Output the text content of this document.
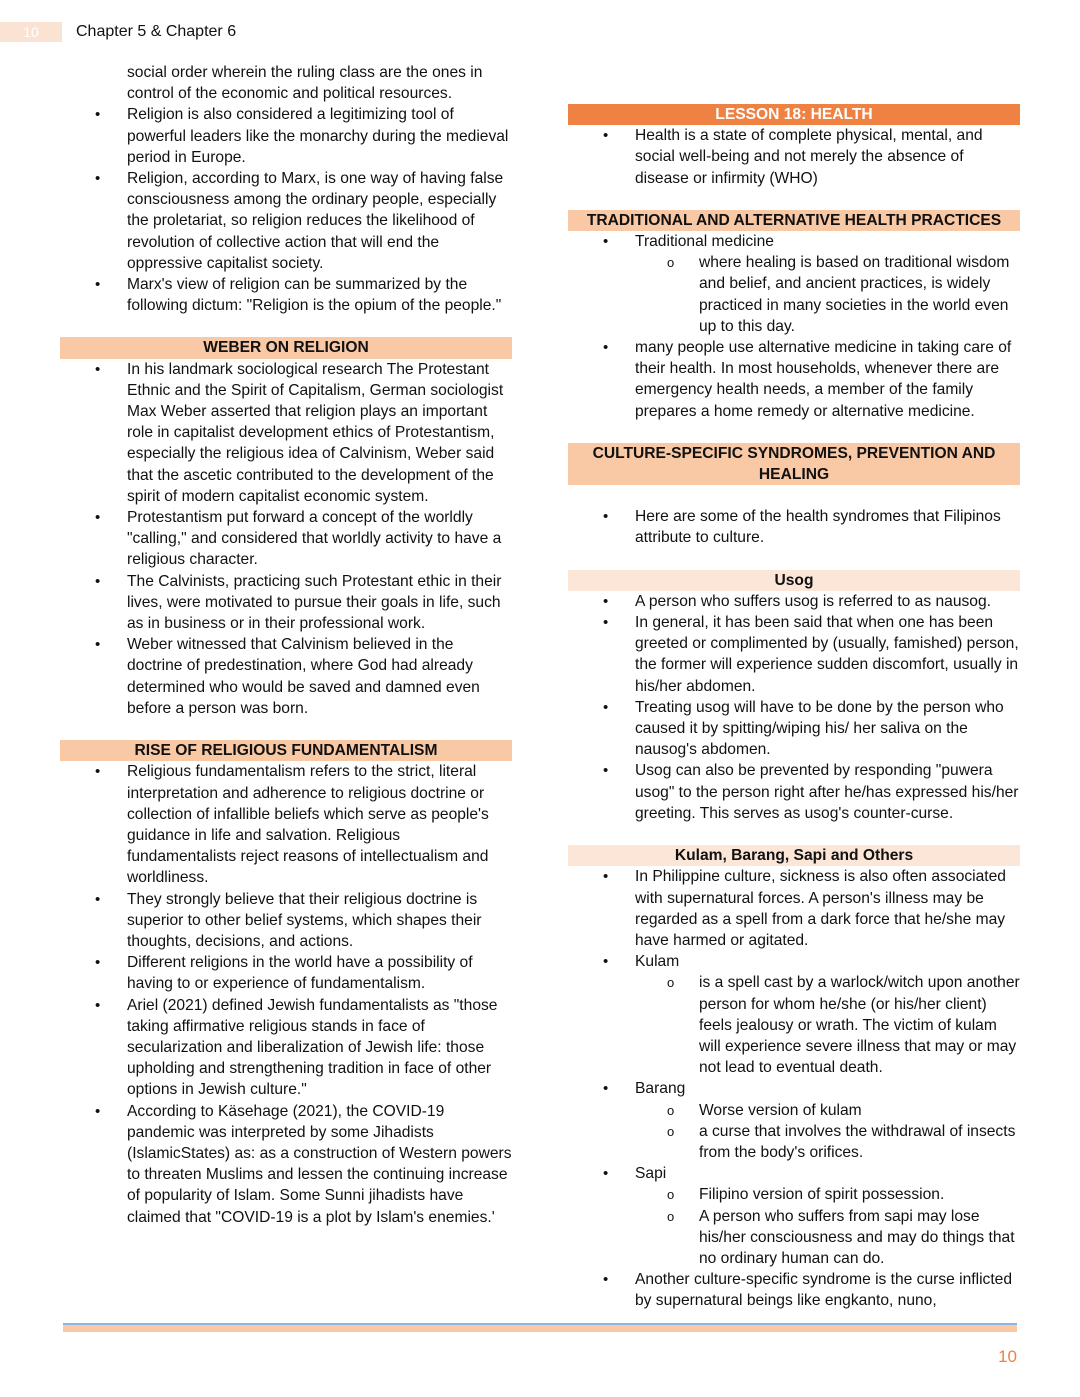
10	Chapter 5 & Chapter 6

social order wherein the ruling class are the ones in control of the economic and political resources.

• Religion is also considered a legitimizing tool of powerful leaders like the monarchy during the medieval period in Europe.
• Religion, according to Marx, is one way of having false consciousness among the ordinary people, especially the proletariat, so religion reduces the likelihood of revolution of collective action that will end the oppressive capitalist society.
• Marx's view of religion can be summarized by the following dictum: "Religion is the opium of the people."
WEBER ON RELIGION
• In his landmark sociological research The Protestant Ethnic and the Spirit of Capitalism, German sociologist Max Weber asserted that religion plays an important role in capitalist development ethics of Protestantism, especially the religious idea of Calvinism, Weber said that the ascetic contributed to the development of the spirit of modern capitalist economic system.
• Protestantism put forward a concept of the worldly "calling," and considered that worldly activity to have a religious character.
• The Calvinists, practicing such Protestant ethic in their lives, were motivated to pursue their goals in life, such as in business or in their professional work.
• Weber witnessed that Calvinism believed in the doctrine of predestination, where God had already determined who would be saved and damned even before a person was born.
RISE OF RELIGIOUS FUNDAMENTALISM
• Religious fundamentalism refers to the strict, literal interpretation and adherence to religious doctrine or collection of infallible beliefs which serve as people's guidance in life and salvation. Religious fundamentalists reject reasons of intellectualism and worldliness.
• They strongly believe that their religious doctrine is superior to other belief systems, which shapes their thoughts, decisions, and actions.
• Different religions in the world have a possibility of having to or experience of fundamentalism.
• Ariel (2021) defined Jewish fundamentalists as "those taking affirmative religious stands in face of secularization and liberalization of Jewish life: those upholding and strengthening tradition in face of other options in Jewish culture."
• According to Käsehage (2021), the COVID-19 pandemic was interpreted by some Jihadists (IslamicStates) as: as a construction of Western powers to threaten Muslims and lessen the continuing increase of popularity of Islam. Some Sunni jihadists have claimed that "COVID-19 is a plot by Islam's enemies.'
LESSON 18: HEALTH
• Health is a state of complete physical, mental, and social well-being and not merely the absence of disease or infirmity (WHO)
TRADITIONAL AND ALTERNATIVE HEALTH PRACTICES
• Traditional medicine
o where healing is based on traditional wisdom and belief, and ancient practices, is widely practiced in many societies in the world even up to this day.
• many people use alternative medicine in taking care of their health. In most households, whenever there are emergency health needs, a member of the family prepares a home remedy or alternative medicine.
CULTURE-SPECIFIC SYNDROMES, PREVENTION AND HEALING
• Here are some of the health syndromes that Filipinos attribute to culture.
Usog
• A person who suffers usog is referred to as nausog.
• In general, it has been said that when one has been greeted or complimented by (usually, famished) person, the former will experience sudden discomfort, usually in his/her abdomen.
• Treating usog will have to be done by the person who caused it by spitting/wiping his/ her saliva on the nausog's abdomen.
• Usog can also be prevented by responding "puwera usog" to the person right after he/has expressed his/her greeting. This serves as usog's counter-curse.
Kulam, Barang, Sapi and Others
• In Philippine culture, sickness is also often associated with supernatural forces. A person's illness may be regarded as a spell from a dark force that he/she may have harmed or agitated.
• Kulam
o is a spell cast by a warlock/witch upon another person for whom he/she (or his/her client) feels jealousy or wrath. The victim of kulam will experience severe illness that may or may not lead to eventual death.
• Barang
o Worse version of kulam
o a curse that involves the withdrawal of insects from the body's orifices.
• Sapi
o Filipino version of spirit possession.
o A person who suffers from sapi may lose his/her consciousness and may do things that no ordinary human can do.
• Another culture-specific syndrome is the curse inflicted by supernatural beings like engkanto, nuno,
10
